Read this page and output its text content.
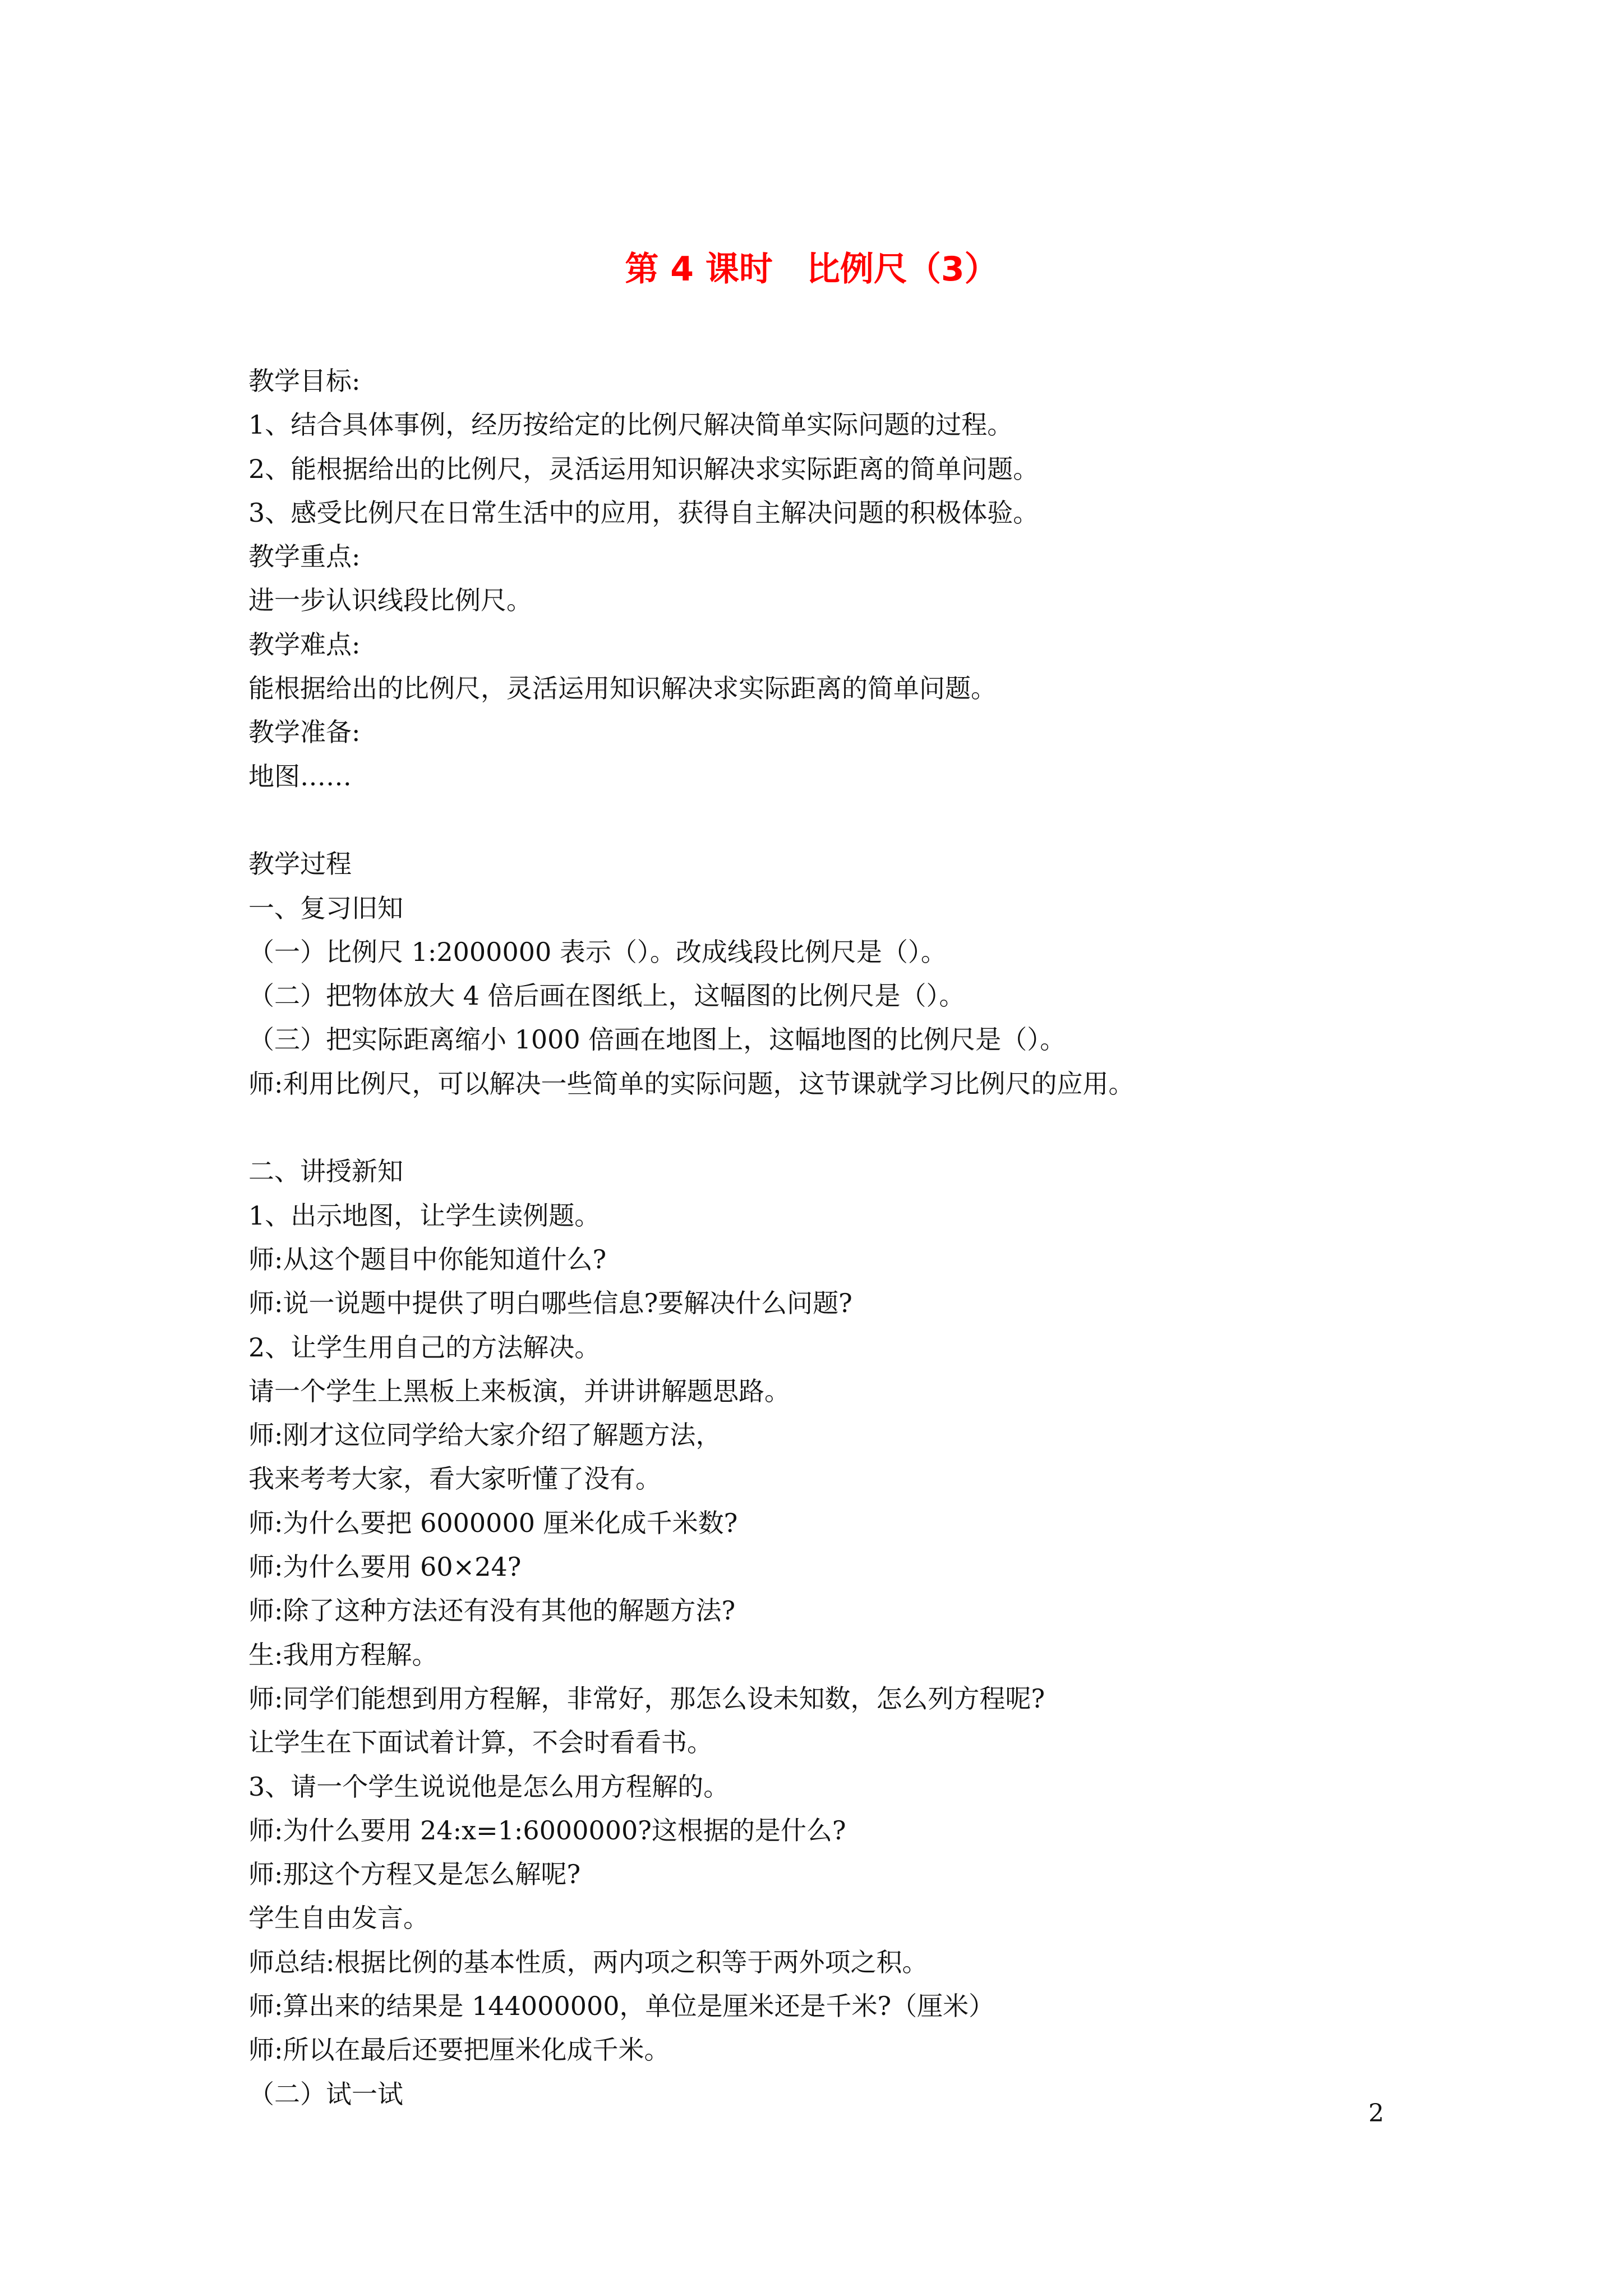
第 4 课时　比例尺（3）
教学目标:
1、结合具体事例，经历按给定的比例尺解决简单实际问题的过程。
2、能根据给出的比例尺，灵活运用知识解决求实际距离的简单问题。
3、感受比例尺在日常生活中的应用，获得自主解决问题的积极体验。
教学重点:
进一步认识线段比例尺。
教学难点:
能根据给出的比例尺，灵活运用知识解决求实际距离的简单问题。
教学准备:
地图……
教学过程
一、复习旧知
（一）比例尺 1:2000000 表示（）。改成线段比例尺是（）。
（二）把物体放大 4 倍后画在图纸上，这幅图的比例尺是（）。
（三）把实际距离缩小 1000 倍画在地图上，这幅地图的比例尺是（）。
师:利用比例尺，可以解决一些简单的实际问题，这节课就学习比例尺的应用。
二、讲授新知
1、出示地图，让学生读例题。
师:从这个题目中你能知道什么?
师:说一说题中提供了明白哪些信息?要解决什么问题?
2、让学生用自己的方法解决。
请一个学生上黑板上来板演，并讲讲解题思路。
师:刚才这位同学给大家介绍了解题方法，
我来考考大家，看大家听懂了没有。
师:为什么要把 6000000 厘米化成千米数?
师:为什么要用 60×24?
师:除了这种方法还有没有其他的解题方法?
生:我用方程解。
师:同学们能想到用方程解，非常好，那怎么设未知数，怎么列方程呢?
让学生在下面试着计算，不会时看看书。
3、请一个学生说说他是怎么用方程解的。
师:为什么要用 24:x=1:6000000?这根据的是什么?
师:那这个方程又是怎么解呢?
学生自由发言。
师总结:根据比例的基本性质，两内项之积等于两外项之积。
师:算出来的结果是 144000000，单位是厘米还是千米?（厘米）
师:所以在最后还要把厘米化成千米。
（二）试一试
2
